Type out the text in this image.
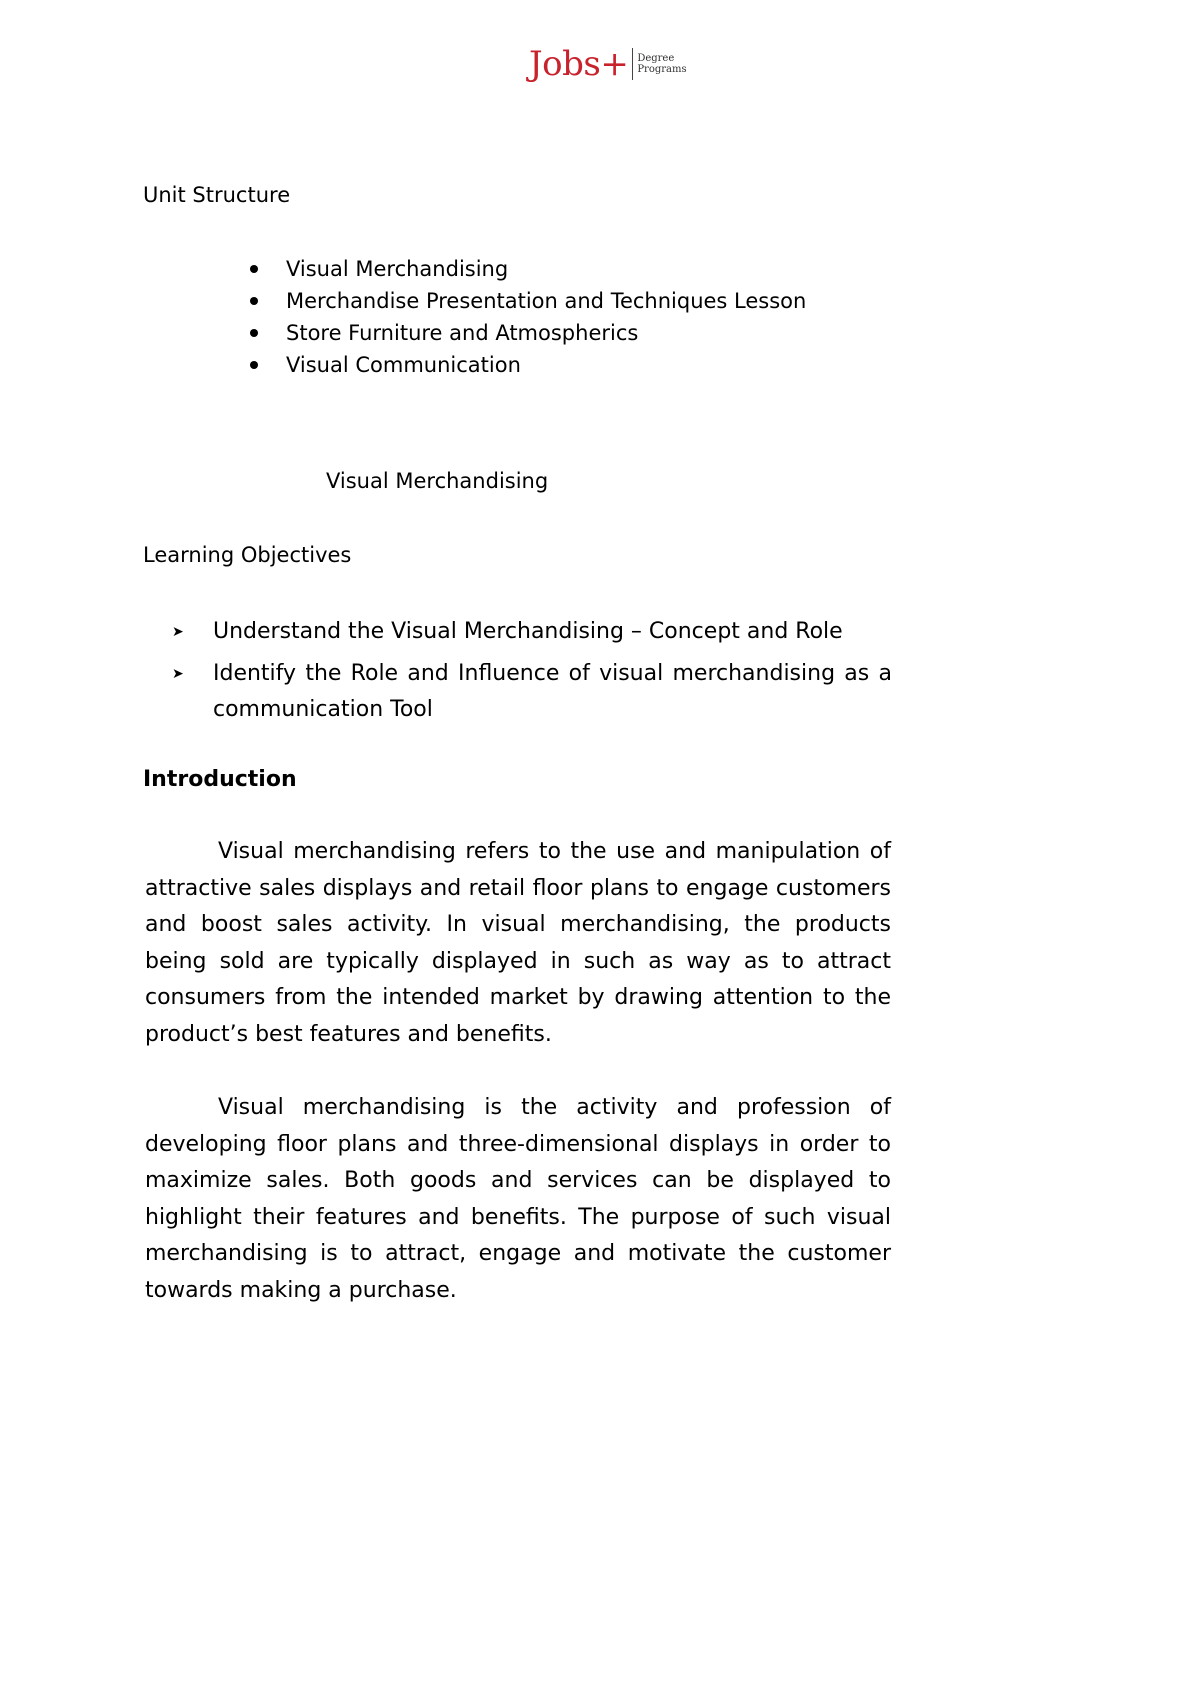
Jobs+ Degree
Programs
Unit Structure
Visual Merchandising
Merchandise Presentation and Techniques Lesson
Store Furniture and Atmospherics
Visual Communication
Visual Merchandising
Learning Objectives
➤ Understand the Visual Merchandising – Concept and Role
➤ Identify the Role and Influence of visual merchandising as a communication Tool
Introduction

Visual merchandising refers to the use and manipulation of attractive sales displays and retail floor plans to engage customers and boost sales activity. In visual merchandising, the products being sold are typically displayed in such as way as to attract consumers from the intended market by drawing attention to the product’s best features and benefits.

Visual merchandising is the activity and profession of developing floor plans and three-dimensional displays in order to maximize sales. Both goods and services can be displayed to highlight their features and benefits. The purpose of such visual merchandising is to attract, engage and motivate the customer towards making a purchase.
